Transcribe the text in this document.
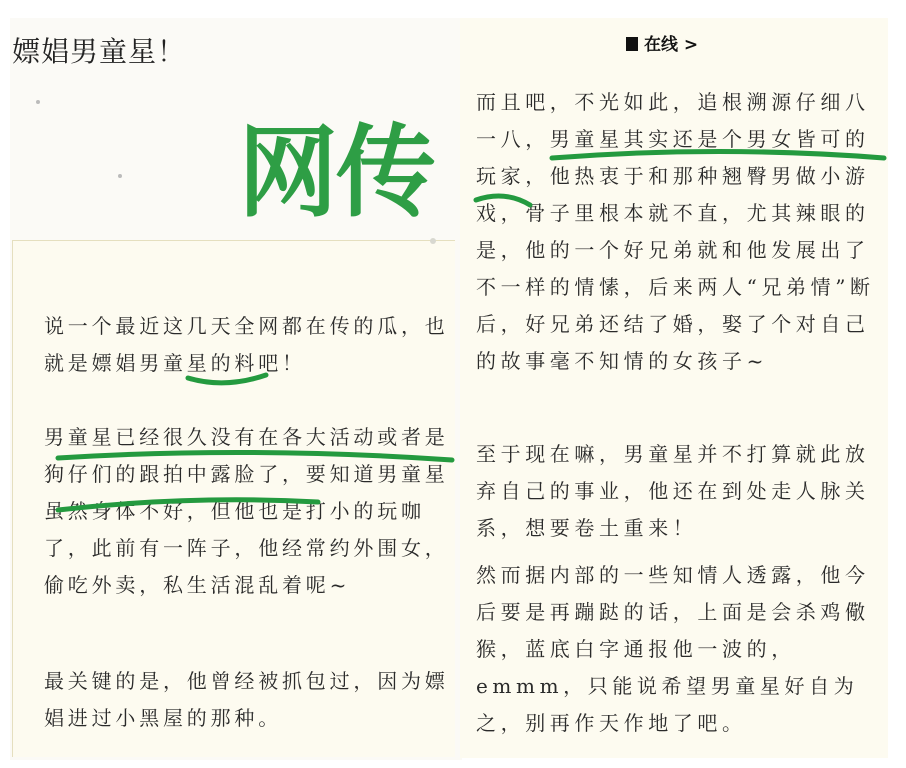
嫖娼男童星！
网传
在线 >

说一个最近这几天全网都在传的瓜，也就是嫖娼男童星的料吧！

男童星已经很久没有在各大活动或者是狗仔们的跟拍中露脸了，要知道男童星虽然身体不好，但他也是打小的玩咖了，此前有一阵子，他经常约外围女，偷吃外卖，私生活混乱着呢~

最关键的是，他曾经被抓包过，因为嫖娼进过小黑屋的那种。

而且吧，不光如此，追根溯源仔细八一八，男童星其实还是个男女皆可的玩家，他热衷于和那种翘臀男做小游戏，骨子里根本就不直，尤其辣眼的是，他的一个好兄弟就和他发展出了不一样的情愫，后来两人“兄弟情”断后，好兄弟还结了婚，娶了个对自己的故事毫不知情的女孩子~

至于现在嘛，男童星并不打算就此放弃自己的事业，他还在到处走人脉关系，想要卷土重来！

然而据内部的一些知情人透露，他今后要是再蹦跶的话，上面是会杀鸡儆猴，蓝底白字通报他一波的，emmm，只能说希望男童星好自为之，别再作天作地了吧。
